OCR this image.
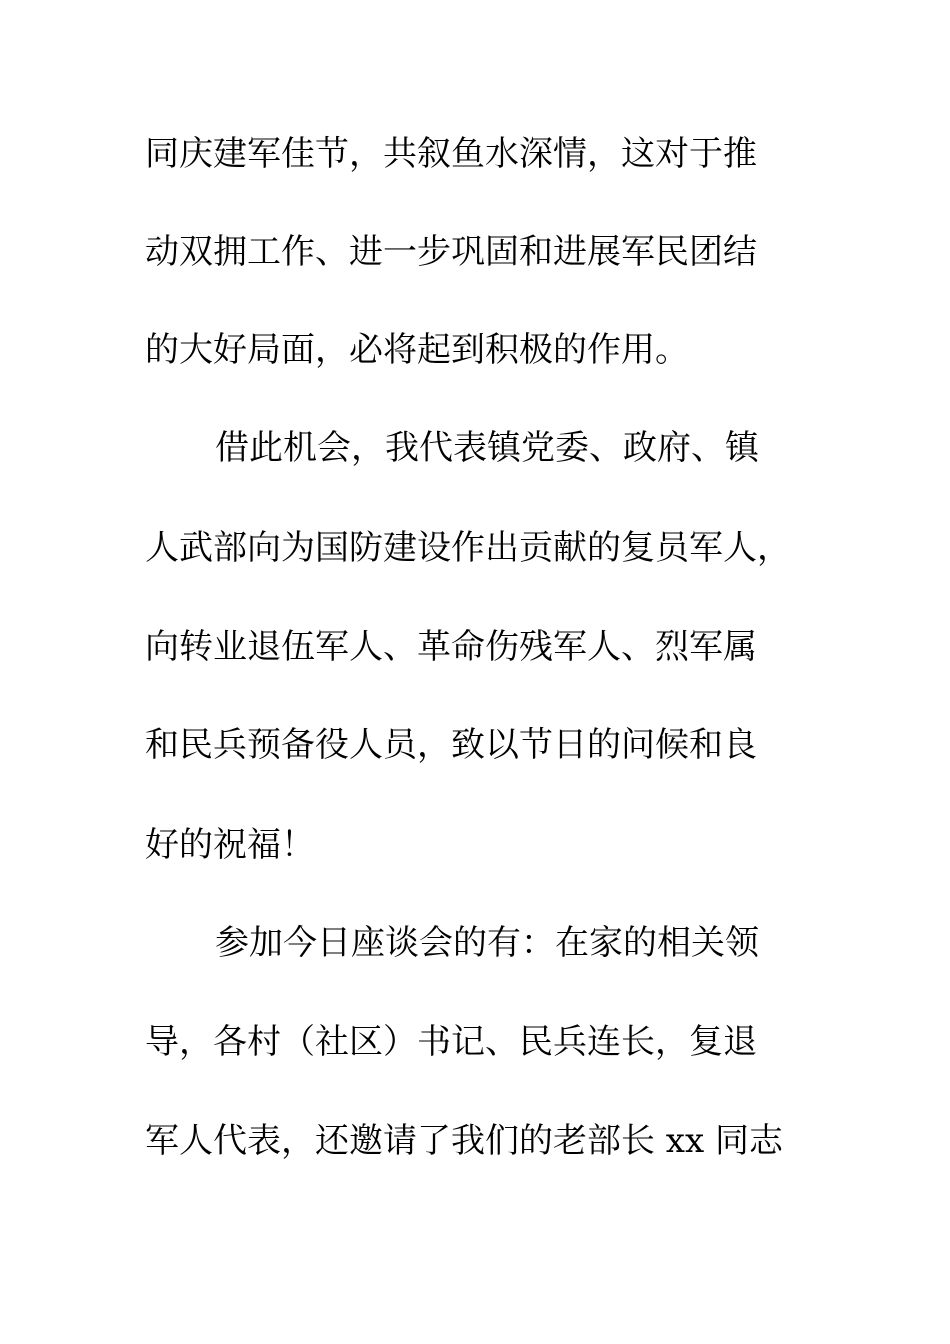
同庆建军佳节，共叙鱼水深情，这对于推
动双拥工作、进一步巩固和进展军民团结
的大好局面，必将起到积极的作用。
借此机会，我代表镇党委、政府、镇
人武部向为国防建设作出贡献的复员军人，
向转业退伍军人、革命伤残军人、烈军属
和民兵预备役人员，致以节日的问候和良
好的祝福！
参加今日座谈会的有：在家的相关领
导，各村（社区）书记、民兵连长，复退
军人代表，还邀请了我们的老部长 xx 同志
